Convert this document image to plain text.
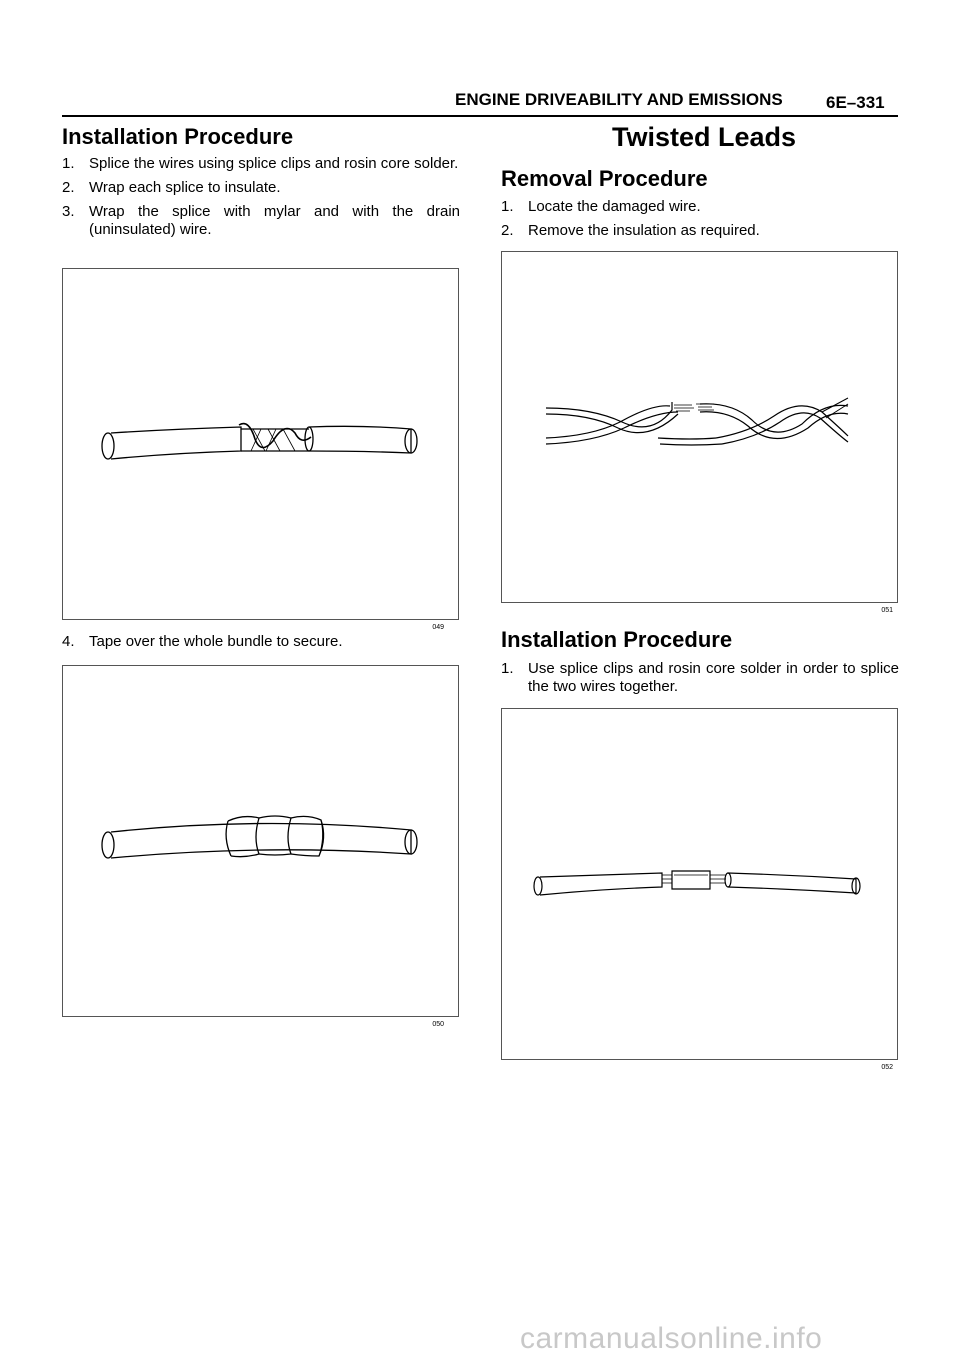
ENGINE DRIVEABILITY AND EMISSIONS	6E–331
Installation Procedure
1. Splice the wires using splice clips and rosin core solder.
2. Wrap each splice to insulate.
3. Wrap the splice with mylar and with the drain (uninsulated) wire.
049
4. Tape over the whole bundle to secure.
050
Twisted Leads
Removal Procedure
1. Locate the damaged wire.
2. Remove the insulation as required.
051
Installation Procedure
1. Use splice clips and rosin core solder in order to splice the two wires together.
052
carmanualsonline.info
